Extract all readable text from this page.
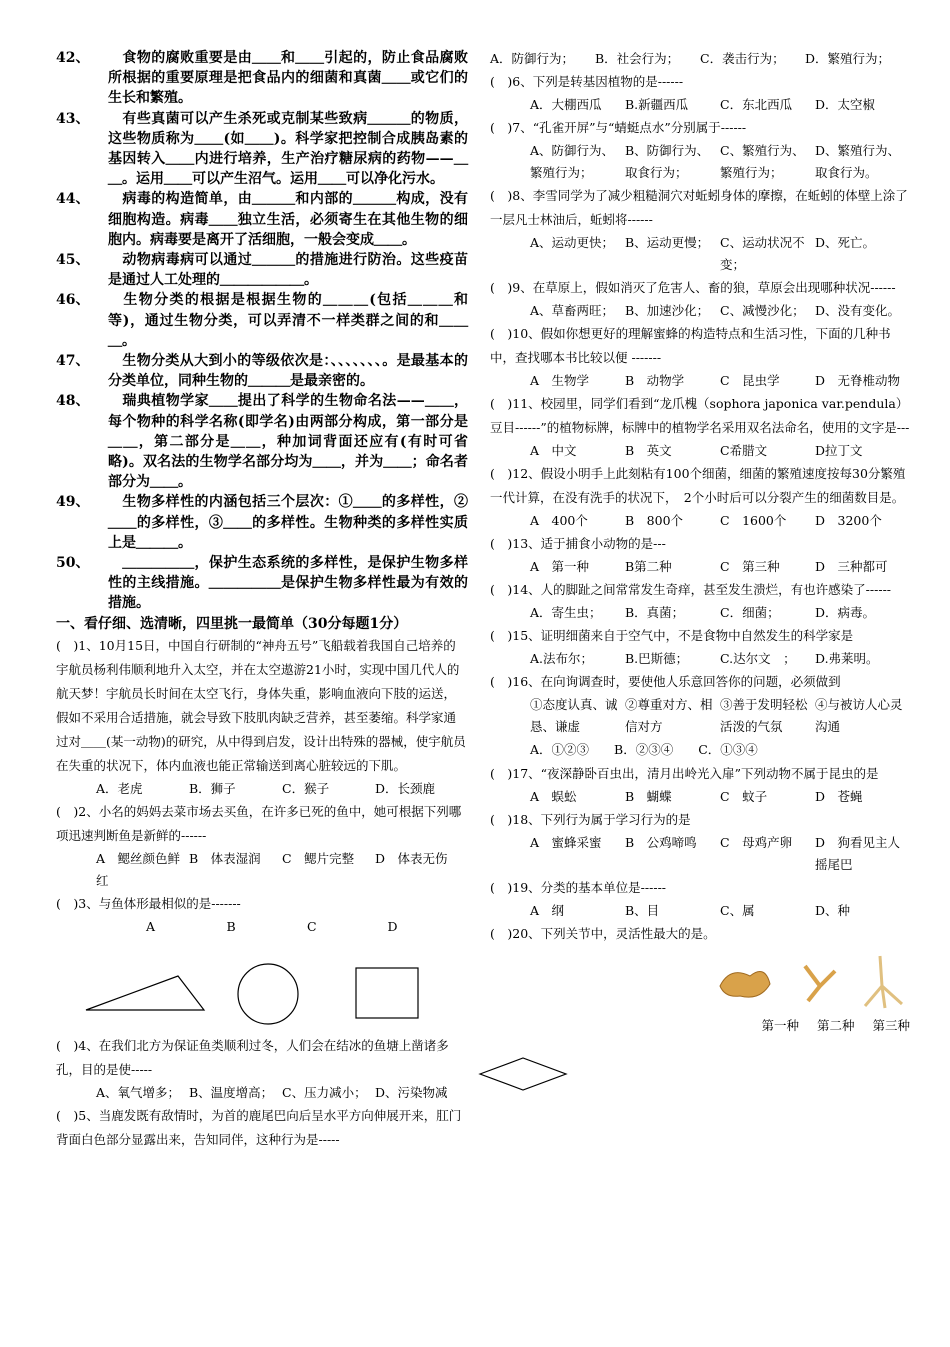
42、	　食物的腐败重要是由＿＿和＿＿引起的，防止食品腐败所根据的重要原理是把食品内的细菌和真菌＿＿或它们的生长和繁殖。
43、	　有些真菌可以产生杀死或克制某些致病＿＿＿的物质，这些物质称为＿＿(如＿＿)。科学家把控制合成胰岛素的基因转入＿＿内进行培养，生产治疗糖尿病的药物——＿＿。运用＿＿可以产生沼气。运用＿＿可以净化污水。
44、	　病毒的构造简单，由＿＿＿和内部的＿＿＿构成，没有细胞构造。病毒＿＿独立生活，必须寄生在其他生物的细胞内。病毒要是离开了活细胞，一般会变成＿＿。
45、	　动物病毒病可以通过＿＿＿的措施进行防治。这些疫苗是通过人工处理的＿＿＿＿＿＿。
46、	　生物分类的根据是根据生物的＿＿＿(包括＿＿＿和等)，通过生物分类，可以弄清不一样类群之间的和＿＿＿。
47、	　生物分类从大到小的等级依次是：、、、、、、、。是最基本的分类单位，同种生物的＿＿＿是最亲密的。
48、	　瑞典植物学家＿＿提出了科学的生物命名法——＿＿，每个物种的科学名称(即学名)由两部分构成，第一部分是＿＿，第二部分是＿＿，种加词背面还应有(有时可省略)。双名法的生物学名部分均为＿＿，并为＿＿；命名者部分为＿＿。
49、	　生物多样性的内涵包括三个层次：①＿＿的多样性，②＿＿的多样性，③＿＿的多样性。生物种类的多样性实质上是＿＿＿。
50、	　＿＿＿＿＿，保护生态系统的多样性，是保护生物多样性的主线措施。＿＿＿＿＿是保护生物多样性最为有效的措施。
一、看仔细、选清晰，四里挑一最简单（30分每题1分）
(　)1、10月15日，中国自行研制的“神舟五号”飞船载着我国自己培养的宇航员杨利伟顺利地升入太空，并在太空遨游21小时，实现中国几代人的航天梦！宇航员长时间在太空飞行，身体失重，影响血液向下肢的运送，假如不采用合适措施，就会导致下肢肌肉缺乏营养，甚至萎缩。科学家通过对＿＿(某一动物)的研究，从中得到启发，设计出特殊的器械，使宇航员在失重的状况下，体内血液也能正常输送到离心脏较远的下肌。
A．老虎	B．狮子	C．猴子	D．长颈鹿
(　)2、小名的妈妈去菜市场去买鱼，在许多已死的鱼中，她可根据下列哪项迅速判断鱼是新鲜的------
A　鳃丝颜色鲜红
B　体表湿润	C　鳃片完整	D　体表无伤
(　)3、与鱼体形最相似的是-------
A	B	C	D
(　)4、在我们北方为保证鱼类顺利过冬，人们会在结冰的鱼塘上凿诸多孔，目的是使-----
A、氧气增多； B、温度增高； C、压力减小； D、污染物减
(　)5、当鹿发既有敌情时，为首的鹿尾巴向后呈水平方向伸展开来，肛门背面白色部分显露出来，告知同伴，这种行为是-----
A．防御行为；	B．社会行为；	C．袭击行为；	D．繁殖行为；
(　)6、下列是转基因植物的是------
A．大棚西瓜	B.新疆西瓜	C．东北西瓜	D．太空椒
(　)7、“孔雀开屏”与“蜻蜓点水”分别属于------
A、防御行为、繁殖行为；
B、防御行为、取食行为；
C、繁殖行为、繁殖行为；
D、繁殖行为、取食行为。
(　)8、李雪同学为了减少粗糙洞穴对蚯蚓身体的摩擦，在蚯蚓的体壁上涂了一层凡士林油后，蚯蚓将------
A、运动更快； B、运动更慢； C、运动状况不变；
D、死亡。
(　)9、在草原上，假如消灭了危害人、畜的狼，草原会出现哪种状况------
A、草畜两旺； B、加速沙化； C、减慢沙化； D、没有变化。
(　)10、假如你想更好的理解蜜蜂的构造特点和生活习性，下面的几种书中，查找哪本书比较以便 -------
A　生物学	B　动物学	C　昆虫学	D　无脊椎动物
(　)11、校园里，同学们看到“龙爪槐（sophora japonica var.pendula）豆目------”的植物标牌，标牌中的植物学名采用双名法命名，使用的文字是---
A　中文	B　英文	C希腊文	D拉丁文
(　)12、假设小明手上此刻粘有100个细菌，细菌的繁殖速度按每30分繁殖一代计算，在没有洗手的状况下，　2个小时后可以分裂产生的细菌数目是。
A　400个	B　800个	C　1600个	D　3200个
(　)13、适于捕食小动物的是---
A　第一种	B第二种	C　第三种	D　三种都可
(　)14、人的脚趾之间常常发生奇痒，甚至发生溃烂，有也许感染了------
A．寄生虫；	B．真菌；	C．细菌；	D．病毒。
(　)15、证明细菌来自于空气中，不是食物中自然发生的科学家是
A.法布尔；	B.巴斯德；	C.达尔文　；	D.弗莱明。
(　)16、在向询调查时，要使他人乐意回答你的问题，必须做到
①态度认真、诚恳、谦虚
②尊重对方、相信对方
③善于发明轻松活泼的气氛
④与被访人心灵沟通
A．①②③　　B．②③④　　C．①③④
(　)17、“夜深静卧百虫出，清月出岭光入扉”下列动物不属于昆虫的是
A　蜈蚣	B　蝴蝶	C　蚊子	D　苍蝇
(　)18、下列行为属于学习行为的是
A　蜜蜂采蜜	B　公鸡啼鸣	C　母鸡产卵	D　狗看见主人摇尾巴
(　)19、分类的基本单位是------
A　纲	B、目	C、属	D、种
(　)20、下列关节中，灵活性最大的是。
第一种 第二种 第三种
